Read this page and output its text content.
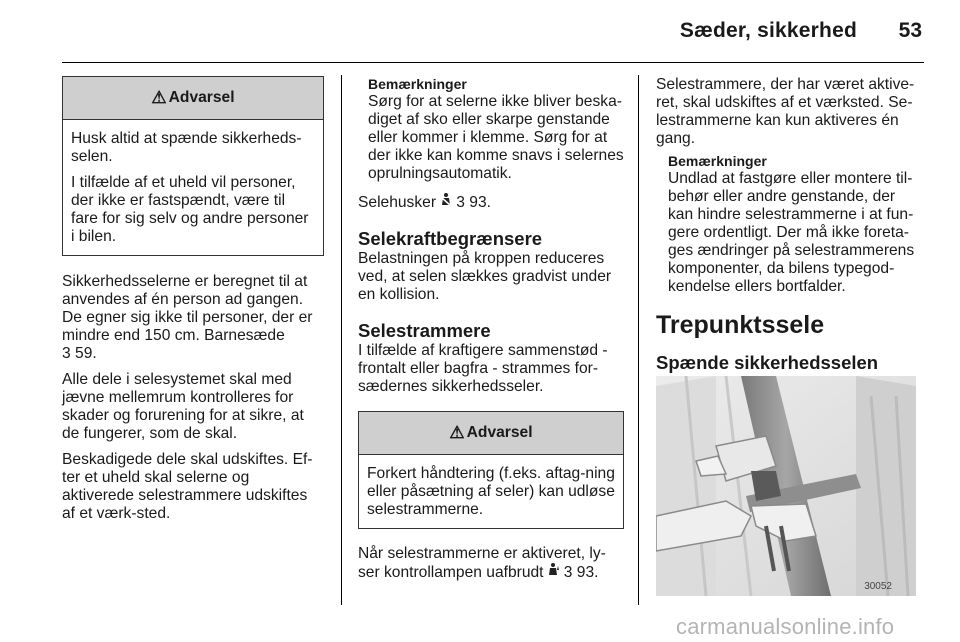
Sæder, sikkerhed 53
⚠ Advarsel

Husk altid at spænde sikkerheds-selen.

I tilfælde af et uheld vil personer, der ikke er fastspændt, være til fare for sig selv og andre personer i bilen.

Sikkerhedsselerne er beregnet til at anvendes af én person ad gangen. De egner sig ikke til personer, der er mindre end 150 cm. Barnesæde
3 59.

Alle dele i selesystemet skal med jævne mellemrum kontrolleres for skader og forurening for at sikre, at de fungerer, som de skal.

Beskadigede dele skal udskiftes. Ef-ter et uheld skal selerne og aktiverede selestrammere udskiftes af et værk-sted.

Bemærkninger

Sørg for at selerne ikke bliver beska-diget af sko eller skarpe genstande eller kommer i klemme. Sørg for at der ikke kan komme snavs i selernes oprulningsautomatik.

Selehusker 3 93.

Selekraftbegrænsere
Belastningen på kroppen reduceres ved, at selen slækkes gradvist under en kollision.

Selestrammere
I tilfælde af kraftigere sammenstød - frontalt eller bagfra - strammes for-sædernes sikkerhedsseler.

⚠ Advarsel

Forkert håndtering (f.eks. aftag-ning eller påsætning af seler) kan udløse selestrammerne.

Når selestrammerne er aktiveret, ly-ser kontrollampen uafbrudt 3 93.

Selestrammere, der har været aktive-ret, skal udskiftes af et værksted. Se-lestrammerne kan kun aktiveres én gang.

Bemærkninger

Undlad at fastgøre eller montere til-behør eller andre genstande, der kan hindre selestrammerne i at fun-gere ordentligt. Der må ikke foreta-ges ændringer på selestrammerens komponenter, da bilens typegod-kendelse ellers bortfalder.

Trepunktssele
Spænde sikkerhedsselen
30052
carmanualsonline.info
